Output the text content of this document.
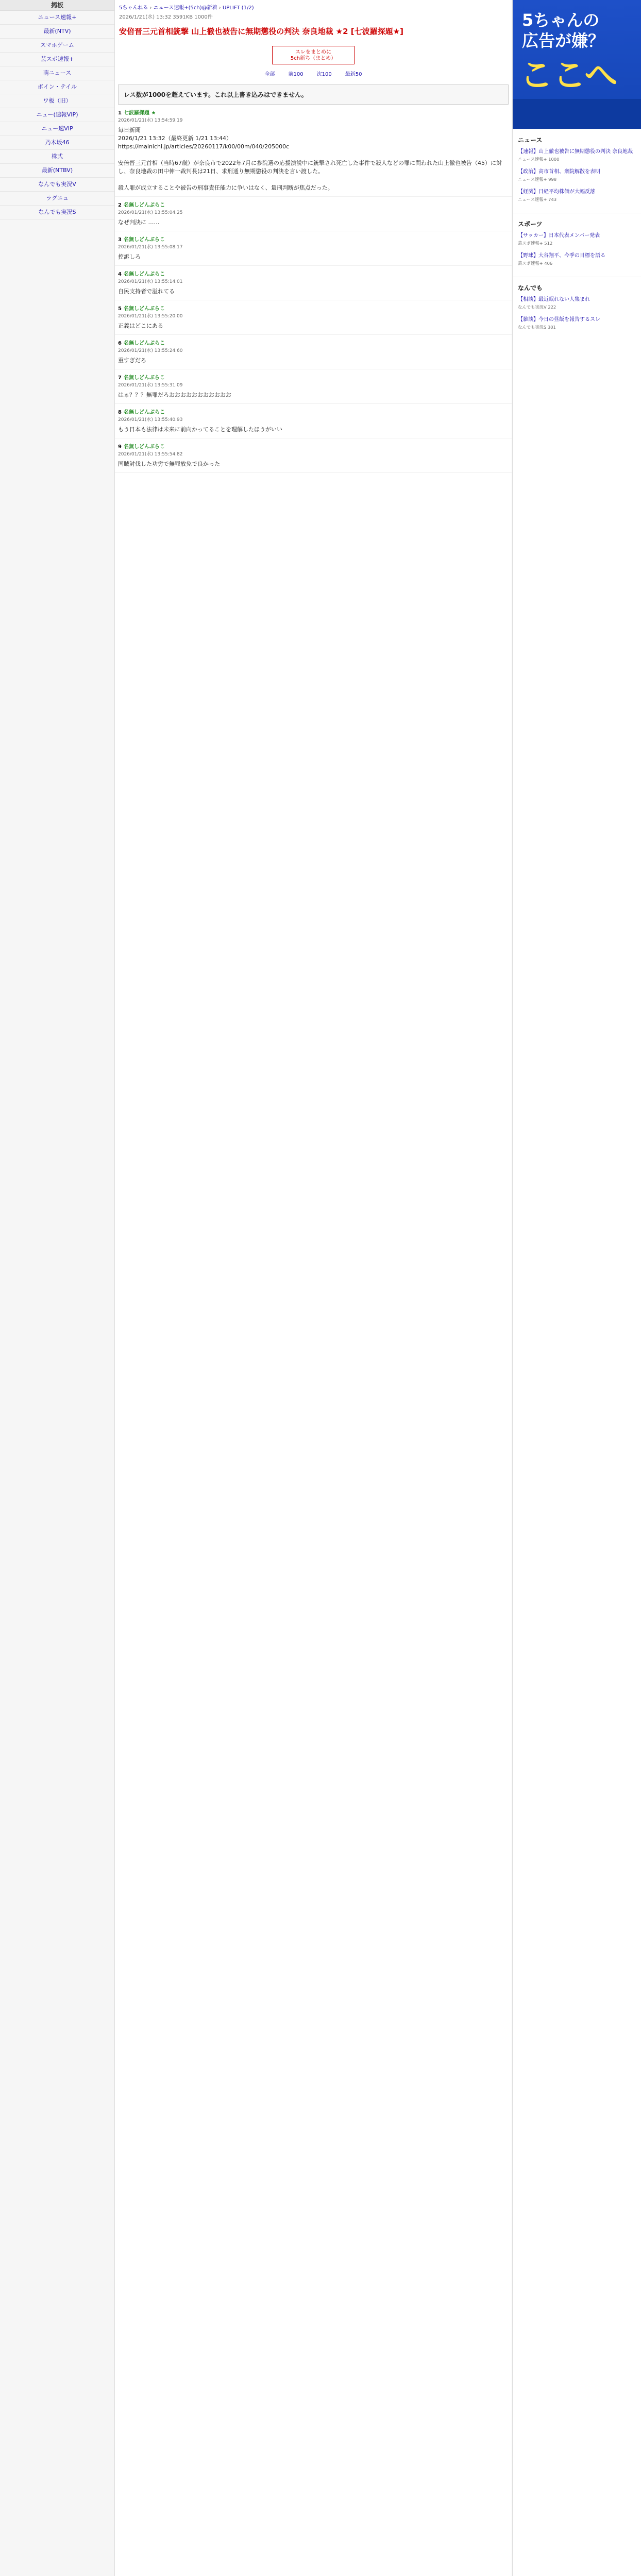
掲板
ニュース速報+
最新(NTV)
スマホゲーム
芸スポ速報+
萌ニュース
ボイン・テイル
ワ板（旧）
ニュー(速報VIP)
ニュー速VIP
乃木坂46
株式
最新(NTBV)
なんでも実況V
ラグニュ
なんでも実況S
5ちゃんねる › ニュース速報+(5ch)@新着 › UPLIFT (1/2)
2026/1/21(水) 13:32 3591KB 1000件
安倍晋三元首相銃撃 山上徹也被告に無期懲役の判決 奈良地裁 ★2 [七波羅探題★]
スレをまとめに
5ch新ち（まとめ）
全部	前100	次100	最新50
レス数が1000を超えています。これ以上書き込みはできません。
1 七波羅探題 ★
2026/01/21(水) 13:54:59.19
毎日新聞
2026/1/21 13:32（最終更新 1/21 13:44）
https://mainichi.jp/articles/20260117/k00/00m/040/205000c

安倍晋三元首相（当時67歳）が奈良市で2022年7月に参院選の応援演説中に銃撃され死亡した事件で殺人などの罪に問われた山上徹也被告（45）に対し、奈良地裁の田中伸一裁判長は21日、求刑通り無期懲役の判決を言い渡した。

殺人罪が成立することや被告の刑事責任能力に争いはなく、量刑判断が焦点だった。
2 名無しどんぶらこ
2026/01/21(水) 13:55:04.25
なぜ判決に ……
3 名無しどんぶらこ
2026/01/21(水) 13:55:08.17
控訴しろ
4 名無しどんぶらこ
2026/01/21(水) 13:55:14.01
自民支持者で溢れてる
5 名無しどんぶらこ
2026/01/21(水) 13:55:20.00
正義はどこにある
6 名無しどんぶらこ
2026/01/21(水) 13:55:24.60
重すぎだろ
7 名無しどんぶらこ
2026/01/21(水) 13:55:31.09
はぁ？？？無罪だろおおおおおおおおおおお
8 名無しどんぶらこ
2026/01/21(水) 13:55:40.93
もう日本も法律は未来に前向かってることを理解したほうがいい
9 名無しどんぶらこ
2026/01/21(水) 13:55:54.82
国賊討伐した功労で無罪放免で良かった
5ちゃんの
広告が嫌？
ここへ
ニュース
【速報】山上徹也被告に無期懲役の判決 奈良地裁
ニュース速報+ 1000
【政治】高市首相、衆院解散を表明
ニュース速報+ 998
【経済】日経平均株価が大幅反落
ニュース速報+ 743
スポーツ
【サッカー】日本代表メンバー発表
芸スポ速報+ 512
【野球】大谷翔平、今季の目標を語る
芸スポ速報+ 406
なんでも
【相談】最近眠れない人集まれ
なんでも実況V 222
【雑談】今日の昼飯を報告するスレ
なんでも実況S 301
